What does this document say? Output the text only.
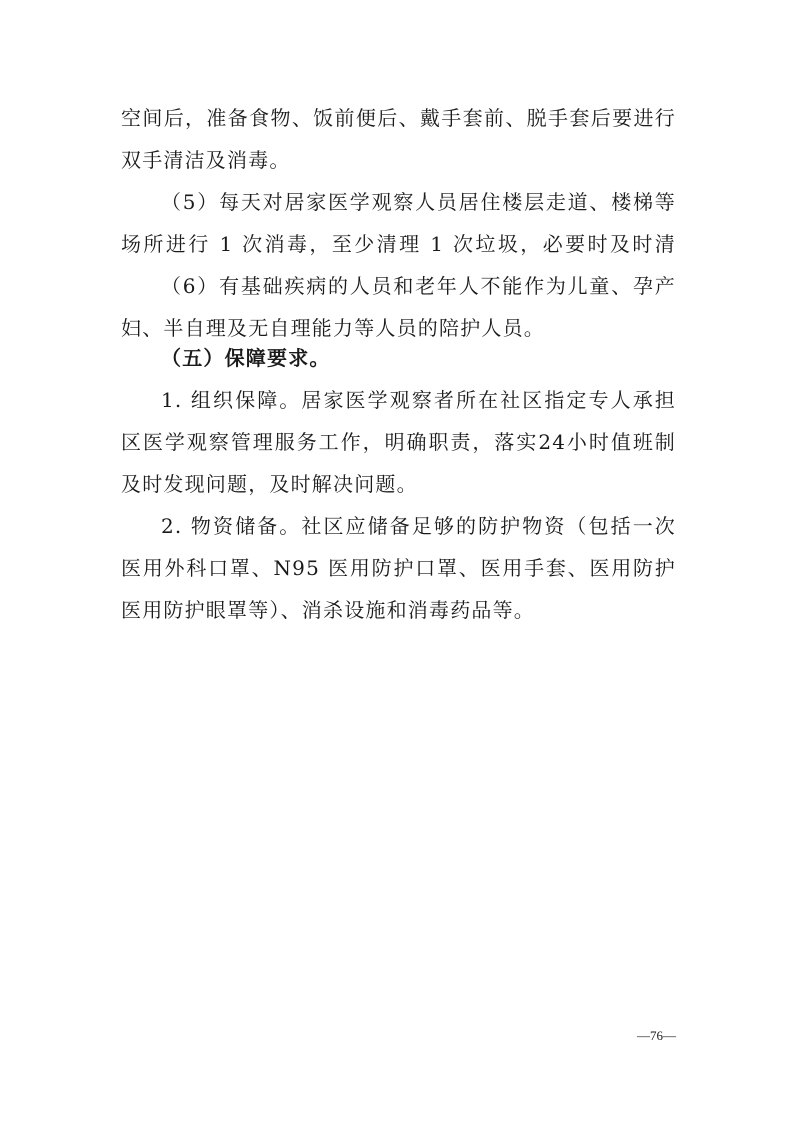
空间后，准备食物、饭前便后、戴手套前、脱手套后要进行
双手清洁及消毒。
（5）每天对居家医学观察人员居住楼层走道、楼梯等
场所进行 1 次消毒，至少清理 1 次垃圾，必要时及时清
（6）有基础疾病的人员和老年人不能作为儿童、孕产
妇、半自理及无自理能力等人员的陪护人员。
（五）保障要求。
1. 组织保障。居家医学观察者所在社区指定专人承担
区医学观察管理服务工作，明确职责，落实24小时值班制
及时发现问题，及时解决问题。
2. 物资储备。社区应储备足够的防护物资（包括一次
医用外科口罩、N95 医用防护口罩、医用手套、医用防护
医用防护眼罩等）、消杀设施和消毒药品等。
—76—
